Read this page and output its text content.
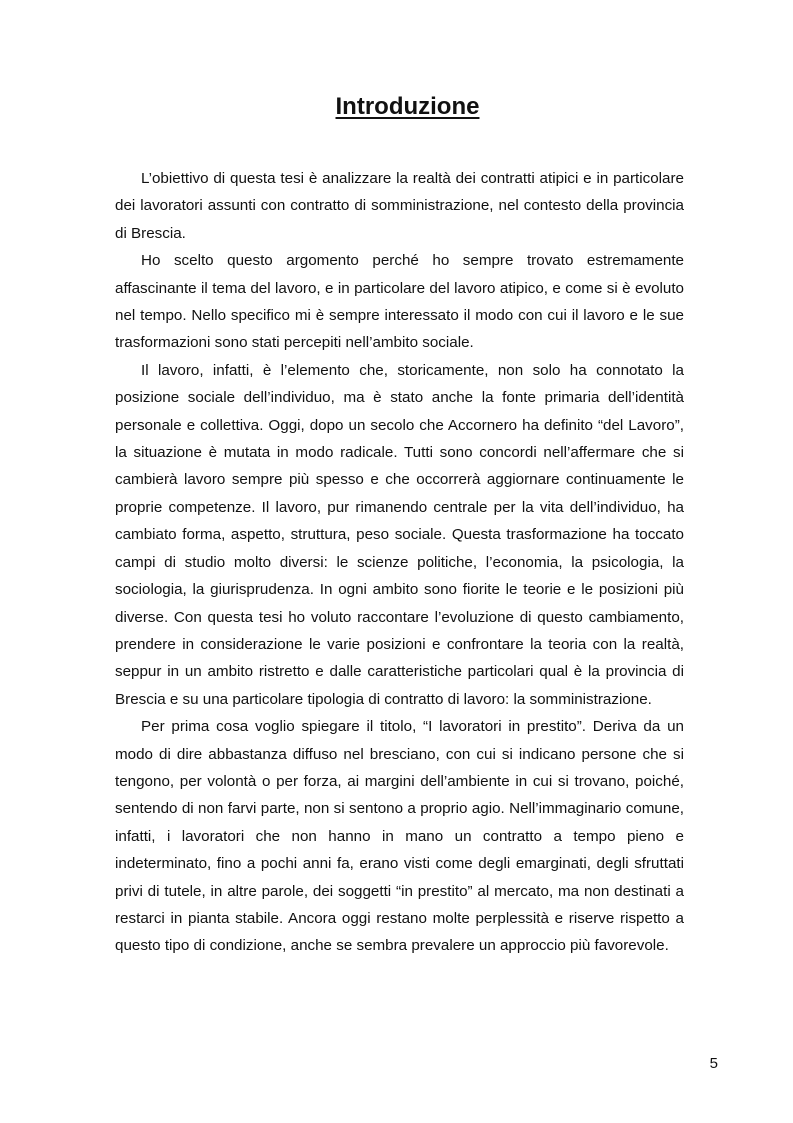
Introduzione

L’obiettivo di questa tesi è analizzare la realtà dei contratti atipici e in particolare dei lavoratori assunti con contratto di somministrazione, nel contesto della provincia di Brescia.

Ho scelto questo argomento perché ho sempre trovato estremamente affascinante il tema del lavoro, e in particolare del lavoro atipico, e come si è evoluto nel tempo. Nello specifico mi è sempre interessato il modo con cui il lavoro e le sue trasformazioni sono stati percepiti nell’ambito sociale.

Il lavoro, infatti, è l’elemento che, storicamente, non solo ha connotato la posizione sociale dell’individuo, ma è stato anche la fonte primaria dell’identità personale e collettiva. Oggi, dopo un secolo che Accornero ha definito “del Lavoro”, la situazione è mutata in modo radicale. Tutti sono concordi nell’affermare che si cambierà lavoro sempre più spesso e che occorrerà aggiornare continuamente le proprie competenze. Il lavoro, pur rimanendo centrale per la vita dell’individuo, ha cambiato forma, aspetto, struttura, peso sociale. Questa trasformazione ha toccato campi di studio molto diversi: le scienze politiche, l’economia, la psicologia, la sociologia, la giurisprudenza. In ogni ambito sono fiorite le teorie e le posizioni più diverse. Con questa tesi ho voluto raccontare l’evoluzione di questo cambiamento, prendere in considerazione le varie posizioni e confrontare la teoria con la realtà, seppur in un ambito ristretto e dalle caratteristiche particolari qual è la provincia di Brescia e su una particolare tipologia di contratto di lavoro: la somministrazione.

Per prima cosa voglio spiegare il titolo, “I lavoratori in prestito”. Deriva da un modo di dire abbastanza diffuso nel bresciano, con cui si indicano persone che si tengono, per volontà o per forza, ai margini dell’ambiente in cui si trovano, poiché, sentendo di non farvi parte, non si sentono a proprio agio. Nell’immaginario comune, infatti, i lavoratori che non hanno in mano un contratto a tempo pieno e indeterminato, fino a pochi anni fa, erano visti come degli emarginati, degli sfruttati privi di tutele, in altre parole, dei soggetti “in prestito” al mercato, ma non destinati a restarci in pianta stabile. Ancora oggi restano molte perplessità e riserve rispetto a questo tipo di condizione, anche se sembra prevalere un approccio più favorevole.

5
